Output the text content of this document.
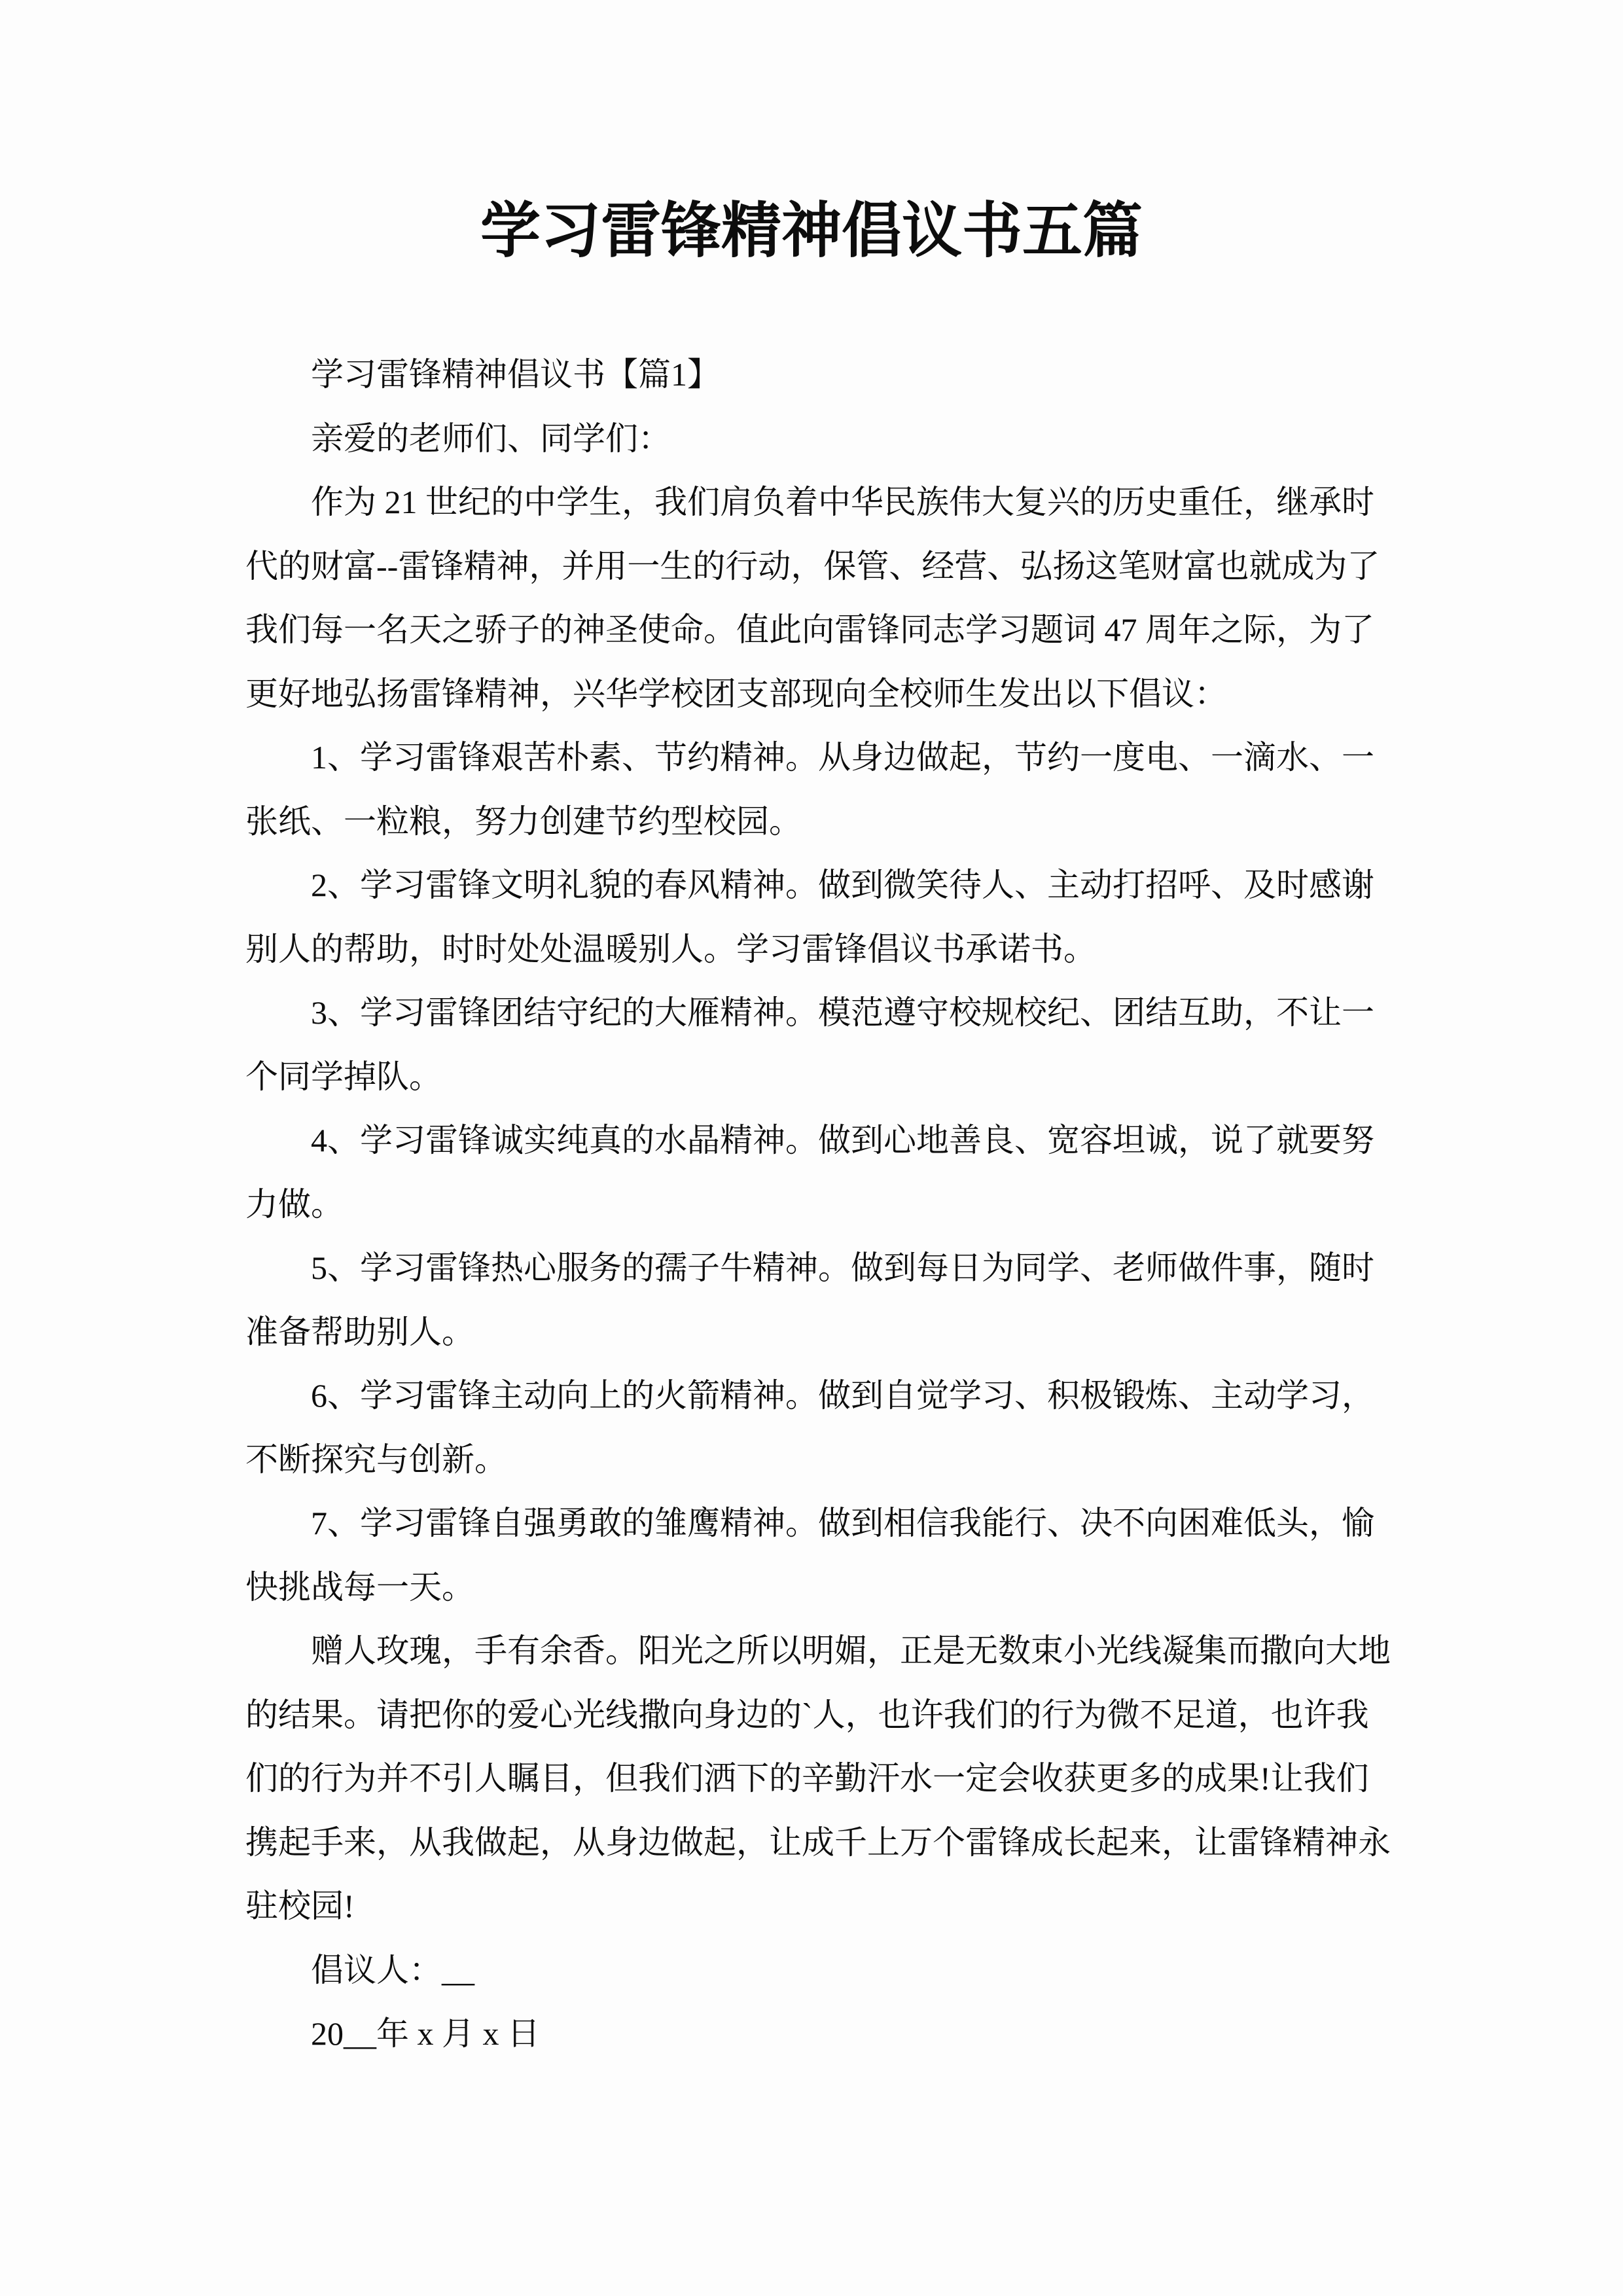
学习雷锋精神倡议书五篇
学习雷锋精神倡议书【篇1】
亲爱的老师们、同学们：
作为 21 世纪的中学生，我们肩负着中华民族伟大复兴的历史重任，继承时
代的财富--雷锋精神，并用一生的行动，保管、经营、弘扬这笔财富也就成为了
我们每一名天之骄子的神圣使命。值此向雷锋同志学习题词 47 周年之际，为了
更好地弘扬雷锋精神，兴华学校团支部现向全校师生发出以下倡议：
1、学习雷锋艰苦朴素、节约精神。从身边做起，节约一度电、一滴水、一
张纸、一粒粮，努力创建节约型校园。
2、学习雷锋文明礼貌的春风精神。做到微笑待人、主动打招呼、及时感谢
别人的帮助，时时处处温暖别人。学习雷锋倡议书承诺书。
3、学习雷锋团结守纪的大雁精神。模范遵守校规校纪、团结互助，不让一
个同学掉队。
4、学习雷锋诚实纯真的水晶精神。做到心地善良、宽容坦诚，说了就要努
力做。
5、学习雷锋热心服务的孺子牛精神。做到每日为同学、老师做件事，随时
准备帮助别人。
6、学习雷锋主动向上的火箭精神。做到自觉学习、积极锻炼、主动学习，
不断探究与创新。
7、学习雷锋自强勇敢的雏鹰精神。做到相信我能行、决不向困难低头，愉
快挑战每一天。
赠人玫瑰，手有余香。阳光之所以明媚，正是无数束小光线凝集而撒向大地
的结果。请把你的爱心光线撒向身边的`人，也许我们的行为微不足道，也许我
们的行为并不引人瞩目，但我们洒下的辛勤汗水一定会收获更多的成果!让我们
携起手来，从我做起，从身边做起，让成千上万个雷锋成长起来，让雷锋精神永
驻校园!
倡议人：__
20__年 x 月 x 日
